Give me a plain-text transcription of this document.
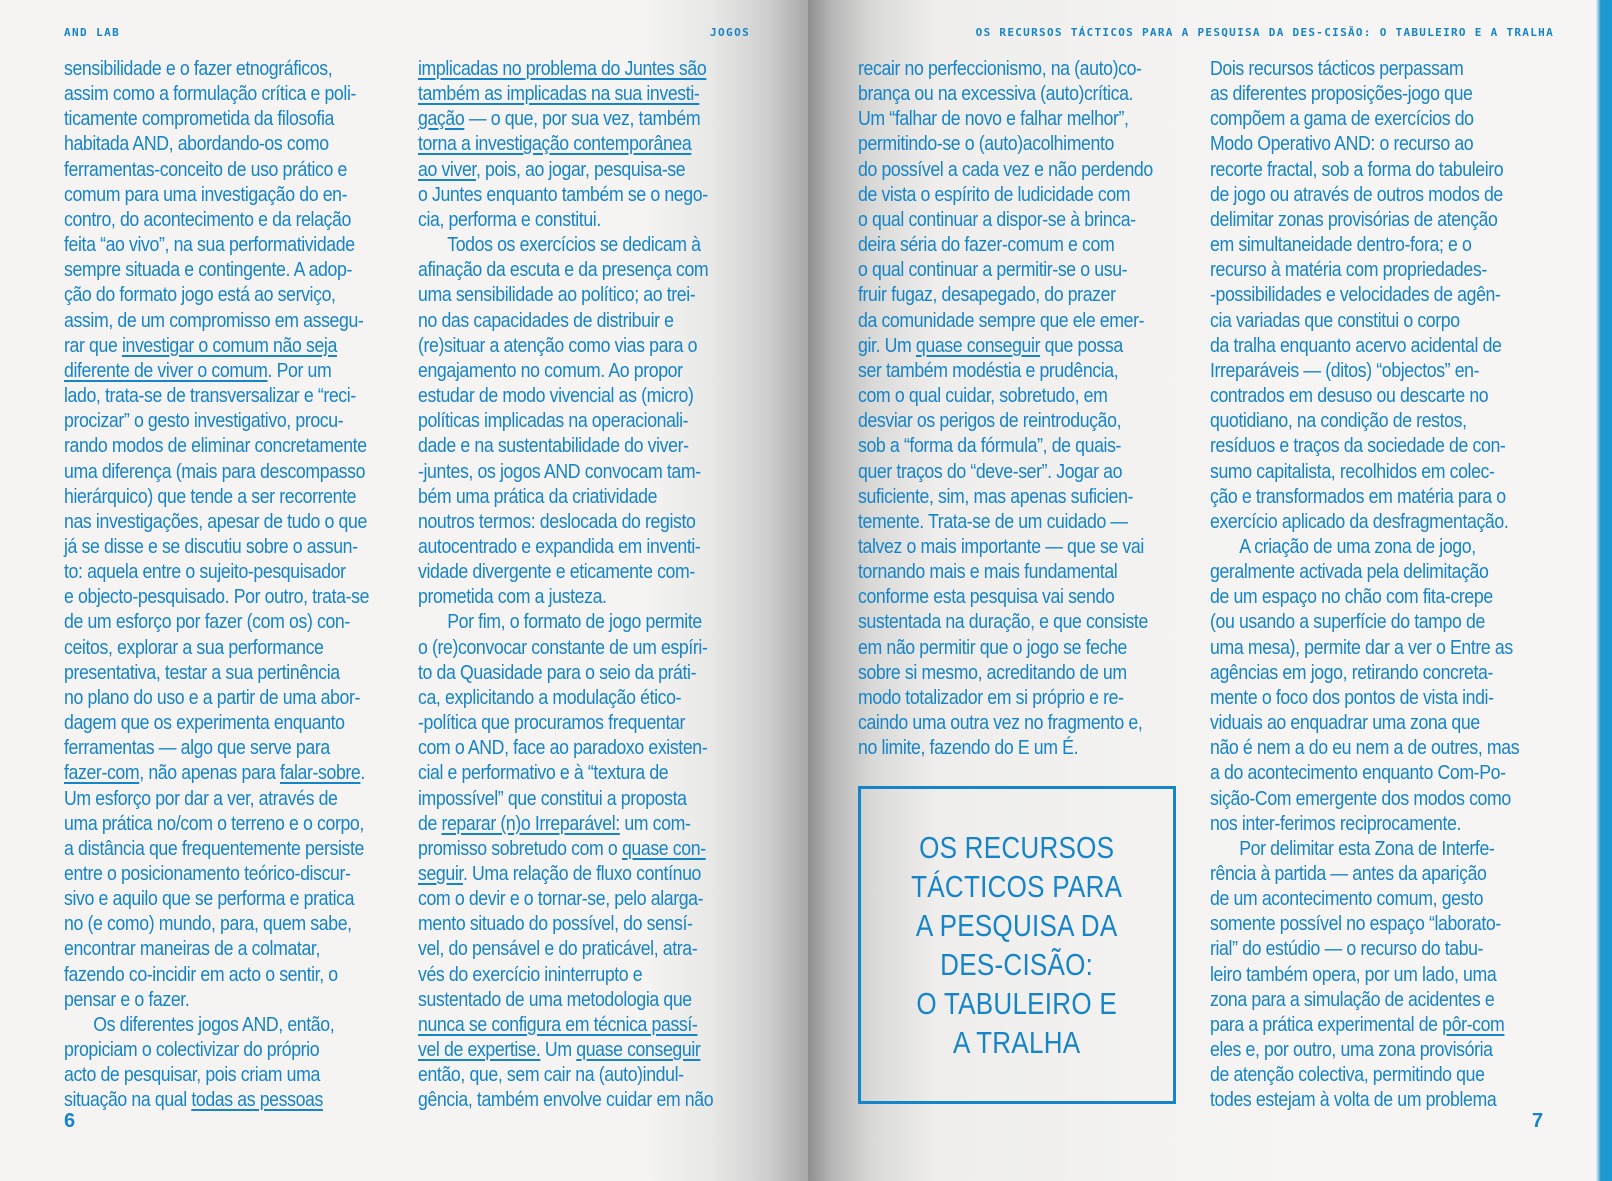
AND LAB	JOGOS	OS RECURSOS TÁCTICOS PARA A PESQUISA DA DES-CISÃO: O TABULEIRO E A TRALHA

sensibilidade e o fazer etnográficos,

assim como a formulação crítica e poli-

ticamente comprometida da filosofia

habitada AND, abordando-os como

ferramentas-conceito de uso prático e

comum para uma investigação do en-

contro, do acontecimento e da relação

feita “ao vivo”, na sua performatividade

sempre situada e contingente. A adop-

ção do formato jogo está ao serviço,

assim, de um compromisso em assegu-

rar que investigar o comum não seja

diferente de viver o comum. Por um

lado, trata-se de transversalizar e “reci-

procizar” o gesto investigativo, procu-

rando modos de eliminar concretamente

uma diferença (mais para descompasso

hierárquico) que tende a ser recorrente

nas investigações, apesar de tudo o que

já se disse e se discutiu sobre o assun-

to: aquela entre o sujeito-pesquisador

e objecto-pesquisado. Por outro, trata-se

de um esforço por fazer (com os) con-

ceitos, explorar a sua performance

presentativa, testar a sua pertinência

no plano do uso e a partir de uma abor-

dagem que os experimenta enquanto

ferramentas — algo que serve para

fazer-com, não apenas para falar-sobre.

Um esforço por dar a ver, através de

uma prática no/com o terreno e o corpo,

a distância que frequentemente persiste

entre o posicionamento teórico-discur-

sivo e aquilo que se performa e pratica

no (e como) mundo, para, quem sabe,

encontrar maneiras de a colmatar,

fazendo co-incidir em acto o sentir, o

pensar e o fazer.

Os diferentes jogos AND, então,

propiciam o colectivizar do próprio

acto de pesquisar, pois criam uma

situação na qual todas as pessoas

implicadas no problema do Juntes são

também as implicadas na sua investi-

gação — o que, por sua vez, também

torna a investigação contemporânea

ao viver, pois, ao jogar, pesquisa-se

o Juntes enquanto também se o nego-

cia, performa e constitui.

Todos os exercícios se dedicam à

afinação da escuta e da presença com

uma sensibilidade ao político; ao trei-

no das capacidades de distribuir e

(re)situar a atenção como vias para o

engajamento no comum. Ao propor

estudar de modo vivencial as (micro)

políticas implicadas na operacionali-

dade e na sustentabilidade do viver-

-juntes, os jogos AND convocam tam-

bém uma prática da criatividade

noutros termos: deslocada do registo

autocentrado e expandida em inventi-

vidade divergente e eticamente com-

prometida com a justeza.

Por fim, o formato de jogo permite

o (re)convocar constante de um espíri-

to da Quasidade para o seio da práti-

ca, explicitando a modulação ético-

-política que procuramos frequentar

com o AND, face ao paradoxo existen-

cial e performativo e à “textura de

impossível” que constitui a proposta

de reparar (n)o Irreparável: um com-

promisso sobretudo com o quase con-

seguir. Uma relação de fluxo contínuo

com o devir e o tornar-se, pelo alarga-

mento situado do possível, do sensí-

vel, do pensável e do praticável, atra-

vés do exercício ininterrupto e

sustentado de uma metodologia que

nunca se configura em técnica passí-

vel de expertise. Um quase conseguir

então, que, sem cair na (auto)indul-

gência, também envolve cuidar em não

recair no perfeccionismo, na (auto)co-

brança ou na excessiva (auto)crítica.

Um “falhar de novo e falhar melhor”,

permitindo-se o (auto)acolhimento

do possível a cada vez e não perdendo

de vista o espírito de ludicidade com

o qual continuar a dispor-se à brinca-

deira séria do fazer-comum e com

o qual continuar a permitir-se o usu-

fruir fugaz, desapegado, do prazer

da comunidade sempre que ele emer-

gir. Um quase conseguir que possa

ser também modéstia e prudência,

com o qual cuidar, sobretudo, em

desviar os perigos de reintrodução,

sob a “forma da fórmula”, de quais-

quer traços do “deve-ser”. Jogar ao

suficiente, sim, mas apenas suficien-

temente. Trata-se de um cuidado —

talvez o mais importante — que se vai

tornando mais e mais fundamental

conforme esta pesquisa vai sendo

sustentada na duração, e que consiste

em não permitir que o jogo se feche

sobre si mesmo, acreditando de um

modo totalizador em si próprio e re-

caindo uma outra vez no fragmento e,

no limite, fazendo do E um É.

Dois recursos tácticos perpassam

as diferentes proposições-jogo que

compõem a gama de exercícios do

Modo Operativo AND: o recurso ao

recorte fractal, sob a forma do tabuleiro

de jogo ou através de outros modos de

delimitar zonas provisórias de atenção

em simultaneidade dentro-fora; e o

recurso à matéria com propriedades-

-possibilidades e velocidades de agên-

cia variadas que constitui o corpo

da tralha enquanto acervo acidental de

Irreparáveis — (ditos) “objectos” en-

contrados em desuso ou descarte no

quotidiano, na condição de restos,

resíduos e traços da sociedade de con-

sumo capitalista, recolhidos em colec-

ção e transformados em matéria para o

exercício aplicado da desfragmentação.

A criação de uma zona de jogo,

geralmente activada pela delimitação

de um espaço no chão com fita-crepe

(ou usando a superfície do tampo de

uma mesa), permite dar a ver o Entre as

agências em jogo, retirando concreta-

mente o foco dos pontos de vista indi-

viduais ao enquadrar uma zona que

não é nem a do eu nem a de outres, mas

a do acontecimento enquanto Com-Po-

sição-Com emergente dos modos como

nos inter-ferimos reciprocamente.

Por delimitar esta Zona de Interfe-

rência à partida — antes da aparição

de um acontecimento comum, gesto

somente possível no espaço “laborato-

rial” do estúdio — o recurso do tabu-

leiro também opera, por um lado, uma

zona para a simulação de acidentes e

para a prática experimental de pôr-com

eles e, por outro, uma zona provisória

de atenção colectiva, permitindo que

todes estejam à volta de um problema

OS RECURSOS
TÁCTICOS PARA
A PESQUISA DA
DES-CISÃO:
O TABULEIRO E
A TRALHA
6	7
